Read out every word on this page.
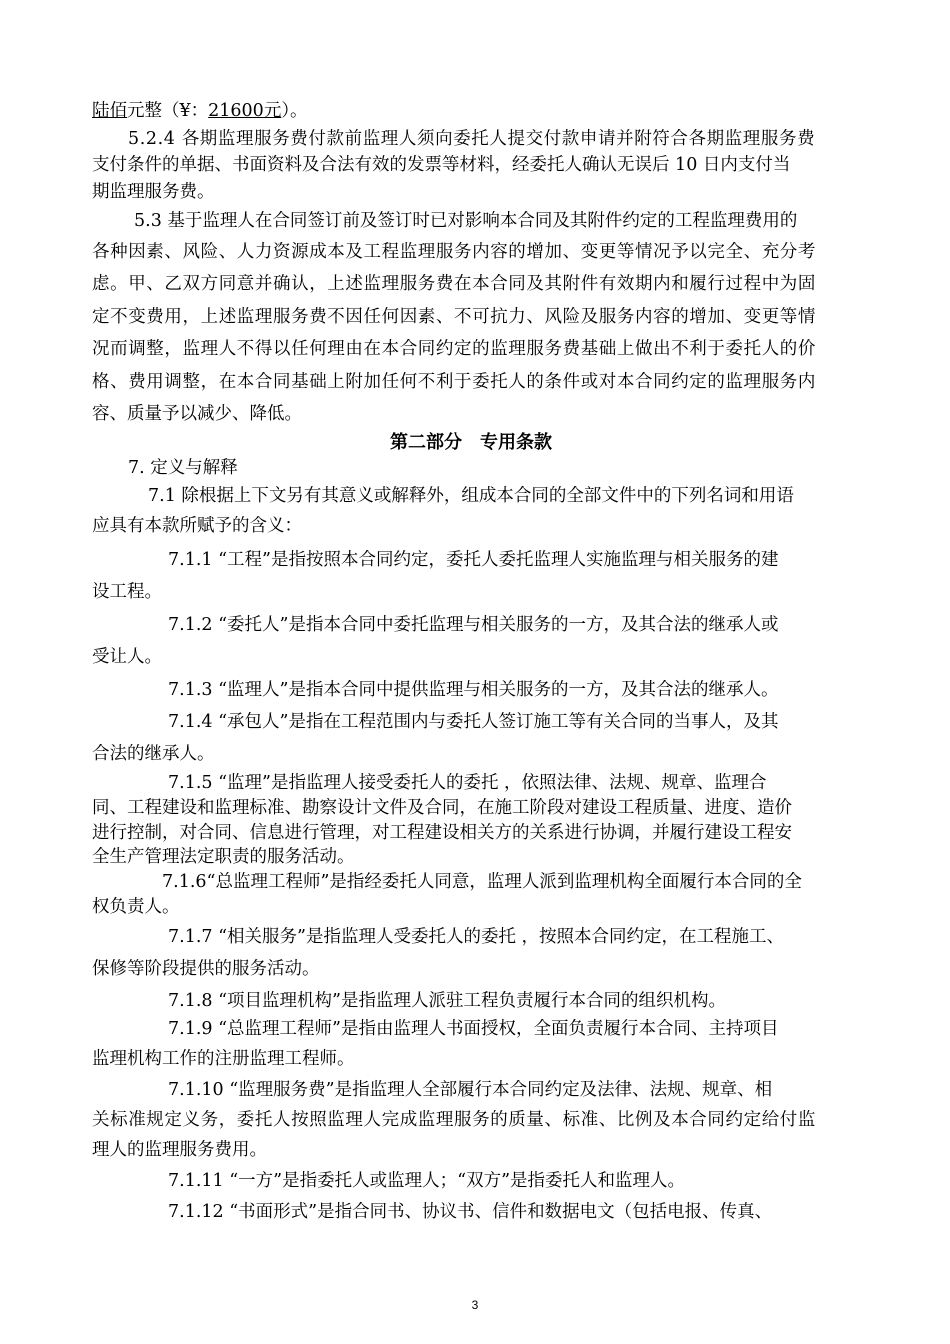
陆佰元整（¥：21600元）。
5.2.4 各期监理服务费付款前监理人须向委托人提交付款申请并附符合各期监理服务费
支付条件的单据、书面资料及合法有效的发票等材料，经委托人确认无误后 10 日内支付当
期监理服务费。
5.3 基于监理人在合同签订前及签订时已对影响本合同及其附件约定的工程监理费用的
各种因素、风险、人力资源成本及工程监理服务内容的增加、变更等情况予以完全、充分考
虑。甲、乙双方同意并确认，上述监理服务费在本合同及其附件有效期内和履行过程中为固
定不变费用，上述监理服务费不因任何因素、不可抗力、风险及服务内容的增加、变更等情
况而调整，监理人不得以任何理由在本合同约定的监理服务费基础上做出不利于委托人的价
格、费用调整，在本合同基础上附加任何不利于委托人的条件或对本合同约定的监理服务内
容、质量予以减少、降低。
第二部分　专用条款
7. 定义与解释
7.1 除根据上下文另有其意义或解释外，组成本合同的全部文件中的下列名词和用语
应具有本款所赋予的含义：
7.1.1 “工程”是指按照本合同约定，委托人委托监理人实施监理与相关服务的建
设工程。
7.1.2 “委托人”是指本合同中委托监理与相关服务的一方，及其合法的继承人或
受让人。
7.1.3 “监理人”是指本合同中提供监理与相关服务的一方，及其合法的继承人。
7.1.4 “承包人”是指在工程范围内与委托人签订施工等有关合同的当事人，及其
合法的继承人。
7.1.5 “监理”是指监理人接受委托人的委托 ，依照法律、法规、规章、监理合
同、工程建设和监理标准、勘察设计文件及合同，在施工阶段对建设工程质量、进度、造价
进行控制，对合同、信息进行管理，对工程建设相关方的关系进行协调，并履行建设工程安
全生产管理法定职责的服务活动。
7.1.6“总监理工程师”是指经委托人同意，监理人派到监理机构全面履行本合同的全
权负责人。
7.1.7 “相关服务”是指监理人受委托人的委托 ，按照本合同约定，在工程施工、
保修等阶段提供的服务活动。
7.1.8 “项目监理机构”是指监理人派驻工程负责履行本合同的组织机构。
7.1.9 “总监理工程师”是指由监理人书面授权，全面负责履行本合同、主持项目
监理机构工作的注册监理工程师。
7.1.10 “监理服务费”是指监理人全部履行本合同约定及法律、法规、规章、相
关标准规定义务，委托人按照监理人完成监理服务的质量、标准、比例及本合同约定给付监
理人的监理服务费用。
7.1.11 “一方”是指委托人或监理人；“双方”是指委托人和监理人。
7.1.12 “书面形式”是指合同书、协议书、信件和数据电文（包括电报、传真、
3
